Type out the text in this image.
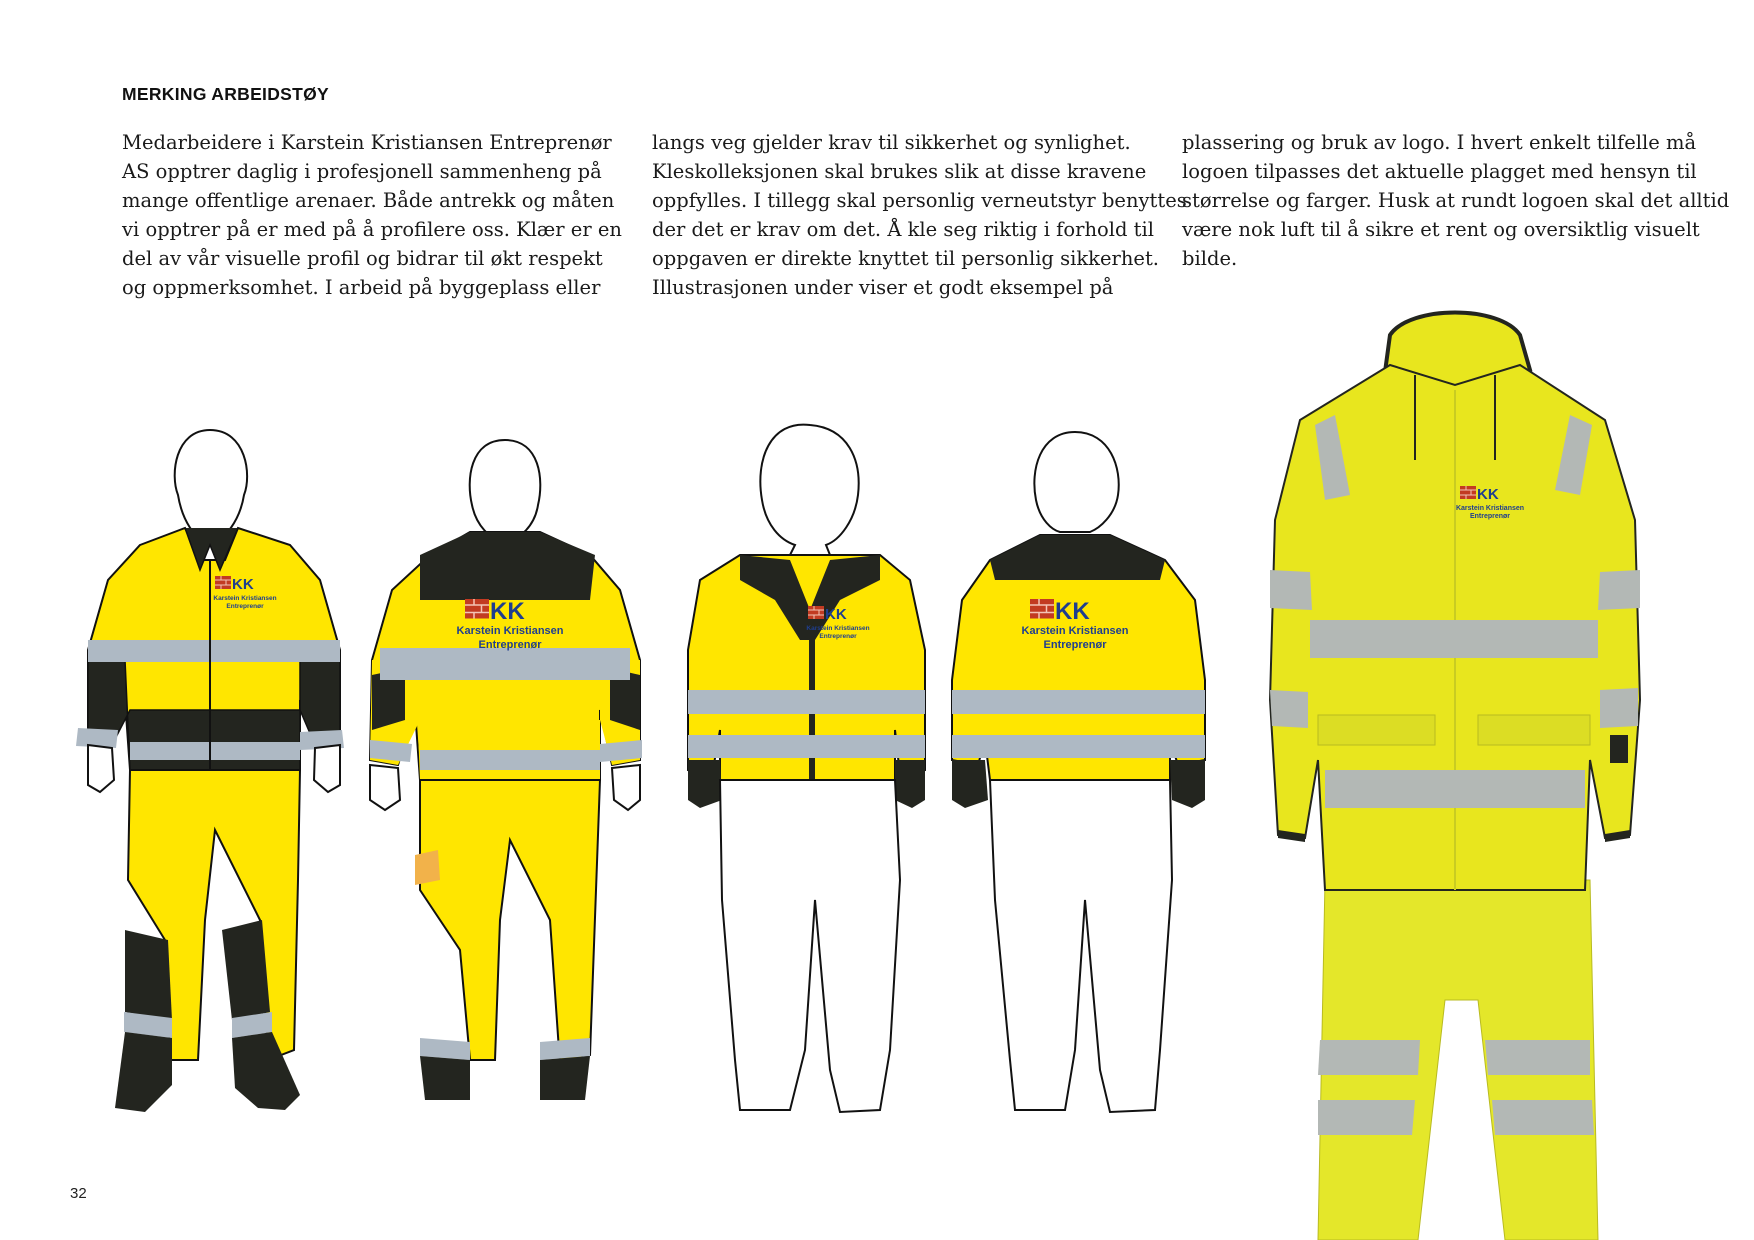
MERKING ARBEIDSTØY
Medarbeidere i Karstein Kristiansen Entreprenør
AS opptrer daglig i profesjonell sammenheng på
mange offentlige arenaer. Både antrekk og måten
vi opptrer på er med på å profilere oss. Klær er en
del av vår visuelle profil og bidrar til økt respekt
og oppmerksomhet. I arbeid på byggeplass eller
langs veg gjelder krav til sikkerhet og synlighet.
Kleskolleksjonen skal brukes slik at disse kravene
oppfylles. I tillegg skal personlig verneutstyr benyttes
der det er krav om det. Å kle seg riktig i forhold til
oppgaven er direkte knyttet til personlig sikkerhet.
Illustrasjonen under viser et godt eksempel på
plassering og bruk av logo. I hvert enkelt tilfelle må
logoen tilpasses det aktuelle plagget med hensyn til
størrelse og farger. Husk at rundt logoen skal det alltid
være nok luft til å sikre et rent og oversiktlig visuelt
bilde.
KK
Karstein Kristiansen
Entreprenør	KK
Karstein Kristiansen
Entreprenør
KK
Karstein Kristiansen
Entreprenør
KK
Karstein Kristiansen
Entreprenør
KK
Karstein Kristiansen
Entreprenør
32
